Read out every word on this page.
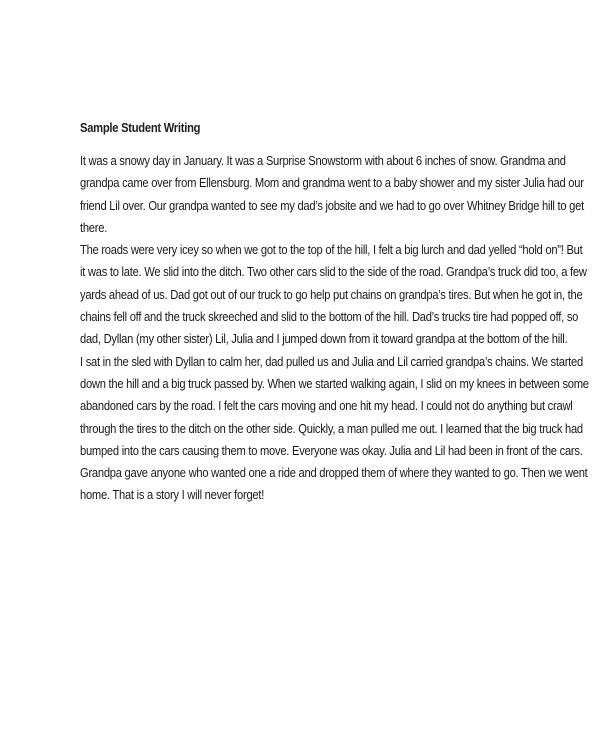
Sample Student Writing
It was a snowy day in January. It was a Surprise Snowstorm with about 6 inches of snow. Grandma and
grandpa came over from Ellensburg. Mom and grandma went to a baby shower and my sister Julia had our
friend Lil over. Our grandpa wanted to see my dad’s jobsite and we had to go over Whitney Bridge hill to get
there.
The roads were very icey so when we got to the top of the hill, I felt a big lurch and dad yelled “hold on”! But
it was to late. We slid into the ditch. Two other cars slid to the side of the road. Grandpa’s truck did too, a few
yards ahead of us. Dad got out of our truck to go help put chains on grandpa’s tires. But when he got in, the
chains fell off and the truck skreeched and slid to the bottom of the hill. Dad’s trucks tire had popped off, so
dad, Dyllan (my other sister) Lil, Julia and I jumped down from it toward grandpa at the bottom of the hill.
I sat in the sled with Dyllan to calm her, dad pulled us and Julia and Lil carried grandpa’s chains. We started
down the hill and a big truck passed by. When we started walking again, I slid on my knees in between some
abandoned cars by the road. I felt the cars moving and one hit my head. I could not do anything but crawl
through the tires to the ditch on the other side. Quickly, a man pulled me out. I learned that the big truck had
bumped into the cars causing them to move. Everyone was okay. Julia and Lil had been in front of the cars.
Grandpa gave anyone who wanted one a ride and dropped them of where they wanted to go. Then we went
home. That is a story I will never forget!
